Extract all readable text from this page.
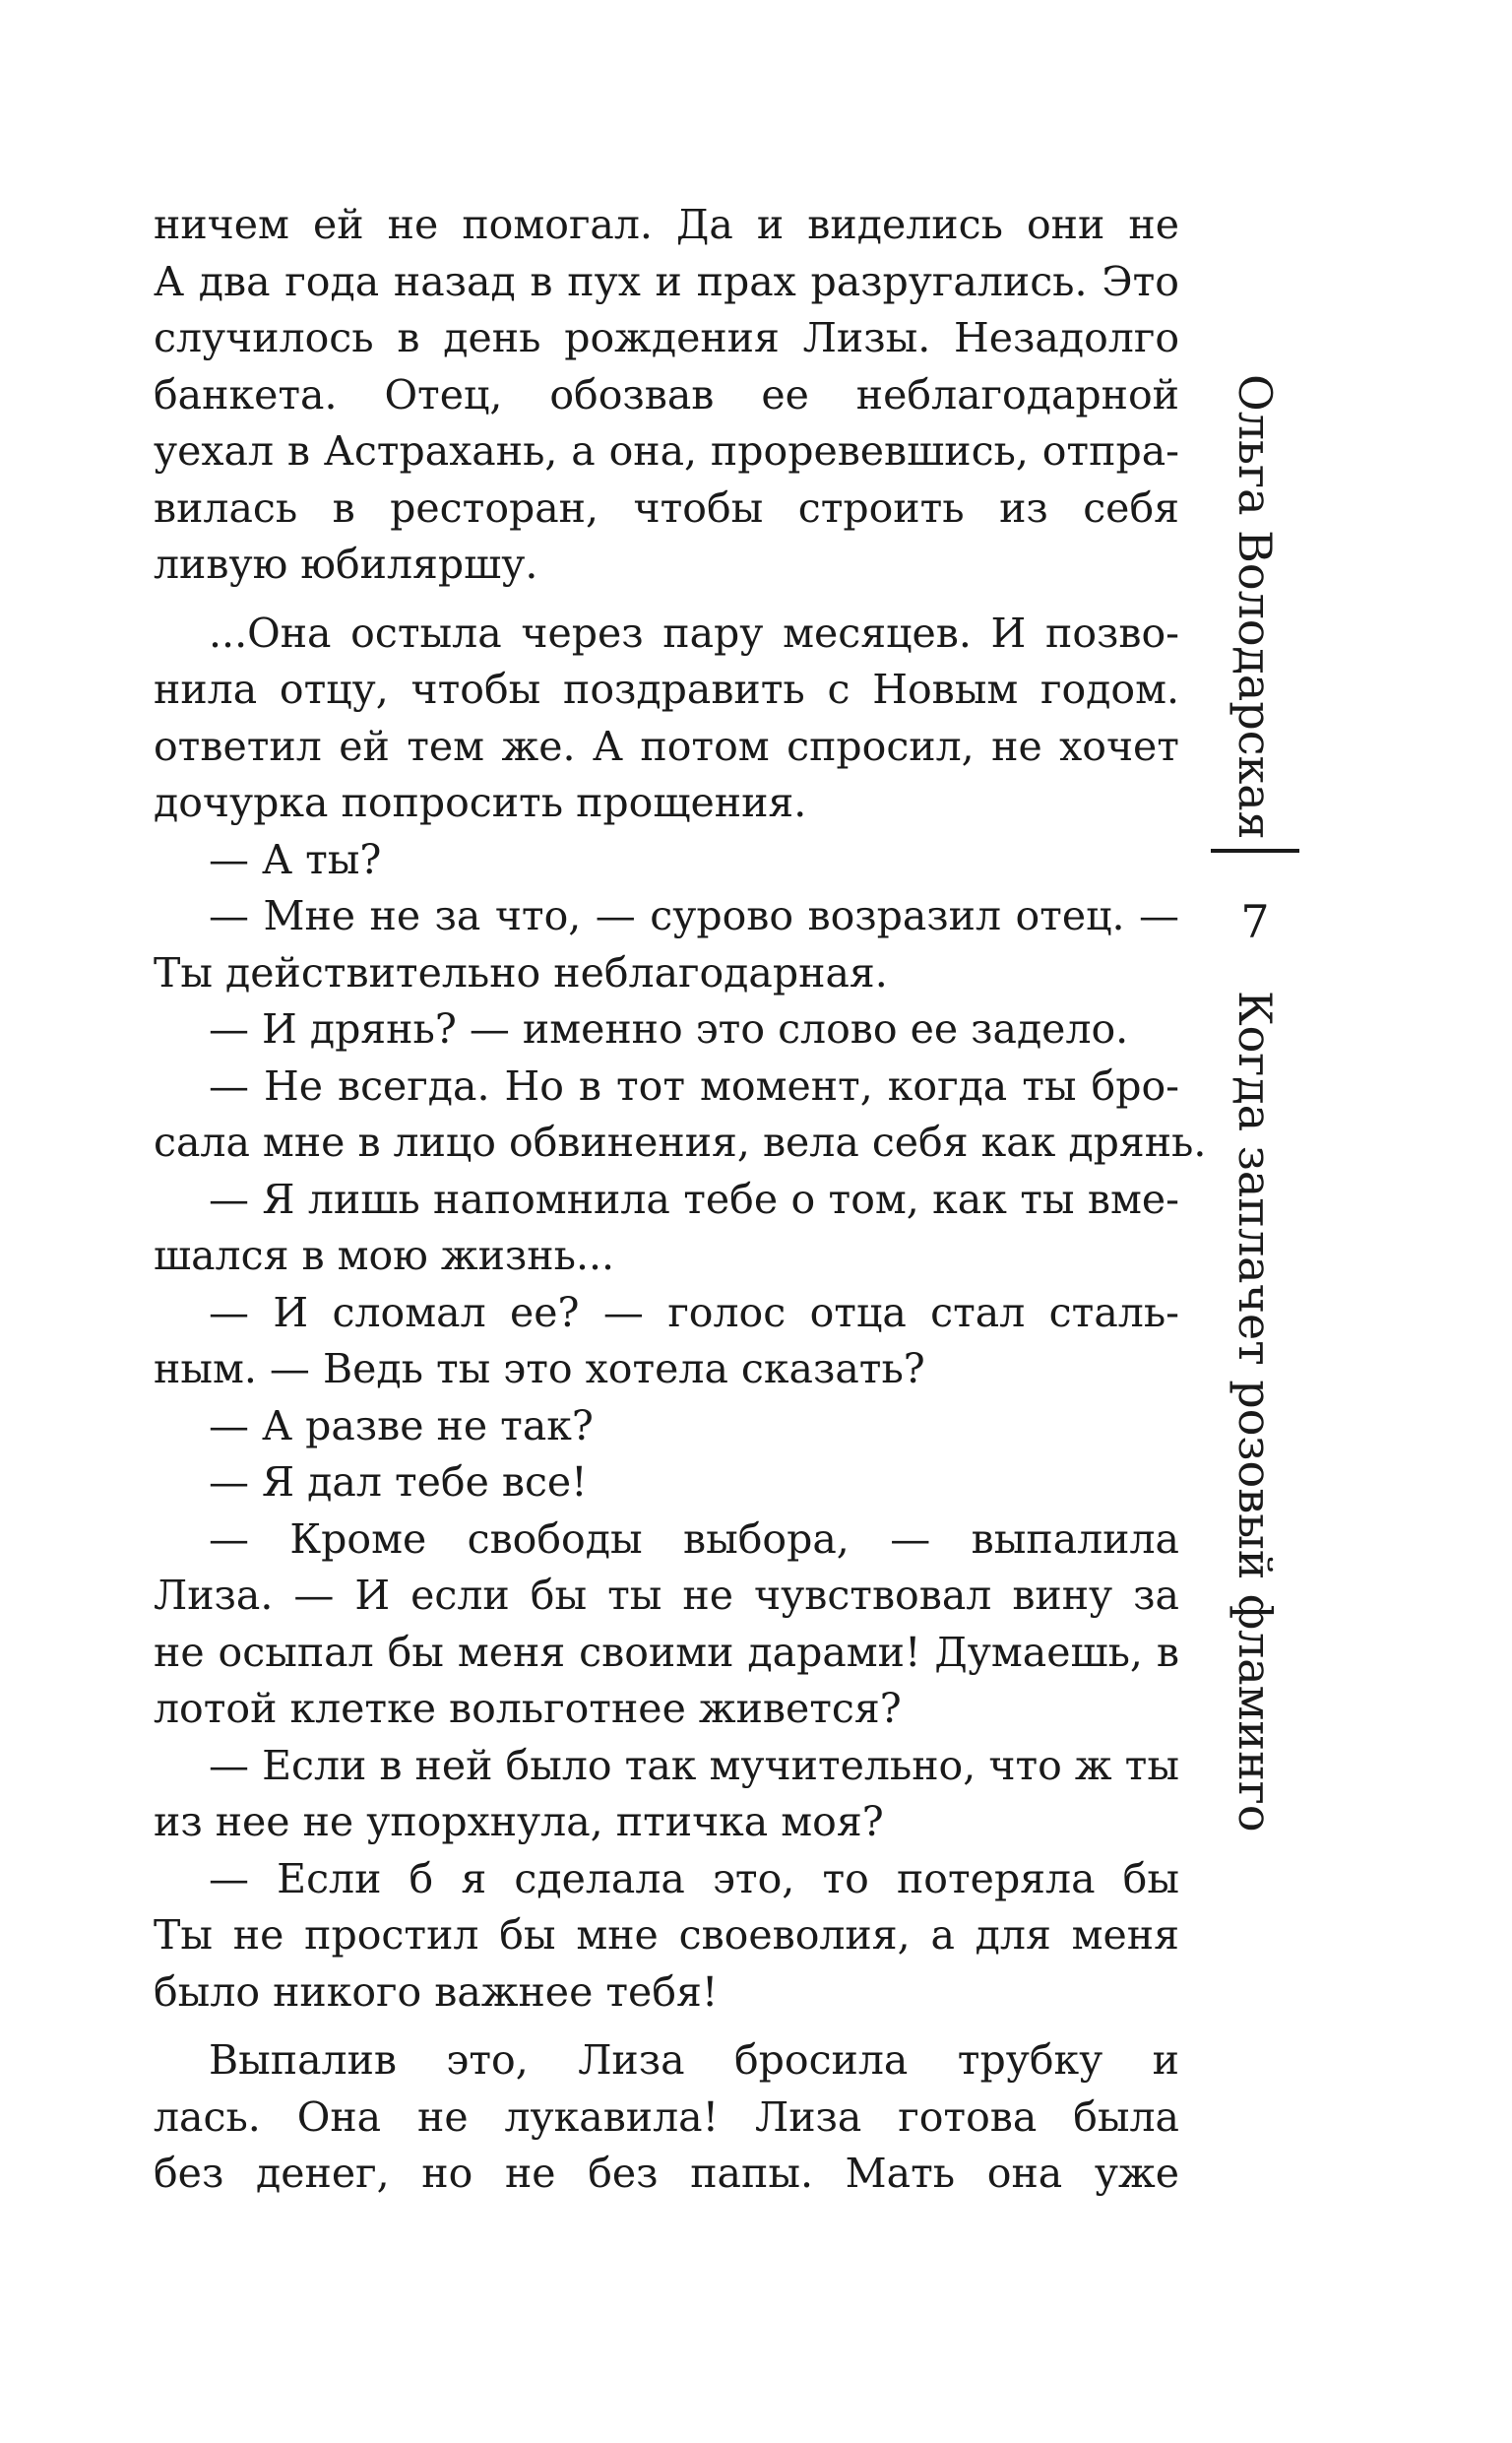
ничем ей не помогал. Да и виделись они не
А два года назад в пух и прах разругались. Это
случилось в день рождения Лизы. Незадолго
банкета. Отец, обозвав ее неблагодарной
уехал в Астрахань, а она, проревевшись, отпра-
вилась в ресторан, чтобы строить из себя
ливую юбиляршу.
...Она остыла через пару месяцев. И позво-
нила отцу, чтобы поздравить с Новым годом.
ответил ей тем же. А потом спросил, не хочет
дочурка попросить прощения.
— А ты?
— Мне не за что, — сурово возразил отец. —
Ты действительно неблагодарная.
— И дрянь? — именно это слово ее задело.
— Не всегда. Но в тот момент, когда ты бро-
сала мне в лицо обвинения, вела себя как дрянь.
— Я лишь напомнила тебе о том, как ты вме-
шался в мою жизнь...
— И сломал ее? — голос отца стал сталь-
ным. — Ведь ты это хотела сказать?
— А разве не так?
— Я дал тебе все!
— Кроме свободы выбора, — выпалила
Лиза. — И если бы ты не чувствовал вину за
не осыпал бы меня своими дарами! Думаешь, в
лотой клетке вольготнее живется?
— Если в ней было так мучительно, что ж ты
из нее не упорхнула, птичка моя?
— Если б я сделала это, то потеряла бы
Ты не простил бы мне своеволия, а для меня
было никого важнее тебя!
Выпалив это, Лиза бросила трубку и
лась. Она не лукавила! Лиза готова была
без денег, но не без папы. Мать она уже
Ольга Володарская
7
Когда заплачет розовый фламинго
